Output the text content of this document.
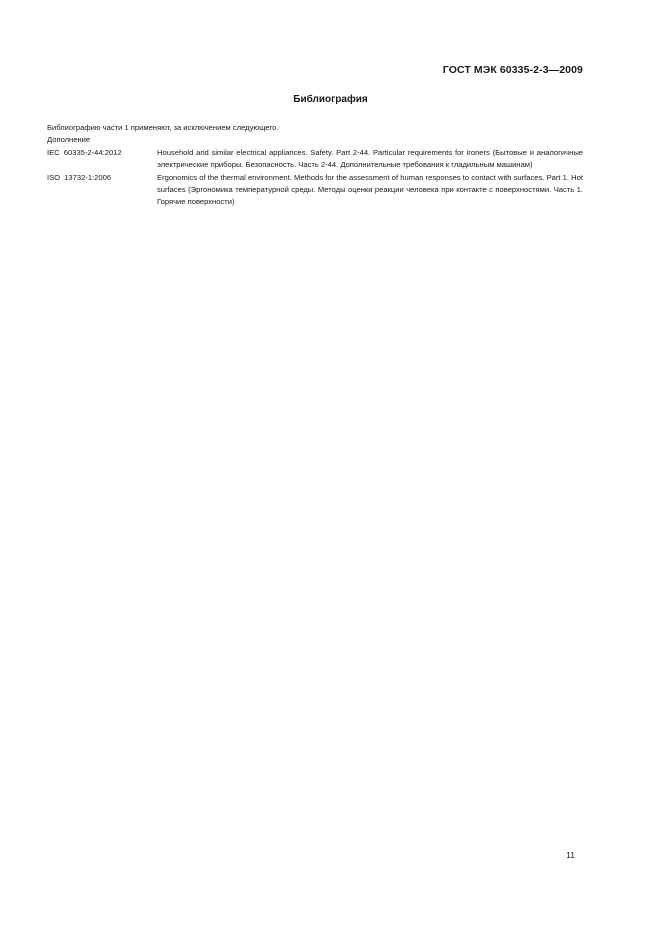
ГОСТ МЭК 60335-2-3—2009
Библиография
Библиографию части 1 применяют, за исключением следующего.
Дополнение
IEC 60335-2-44:2012	Household and similar electrical appliances. Safety. Part 2-44. Particular requirements for ironers (Бытовые и аналогичные электрические приборы. Безопасность. Часть 2-44. Дополнительные требования к гладильным машинам)
ISO 13732-1:2006	Ergonomics of the thermal environment. Methods for the assessment of human responses to contact with surfaces. Part 1. Hot surfaces (Эргономика температурной среды. Методы оценки реакции человека при контакте с поверхностями. Часть 1. Горячие поверхности)
11
